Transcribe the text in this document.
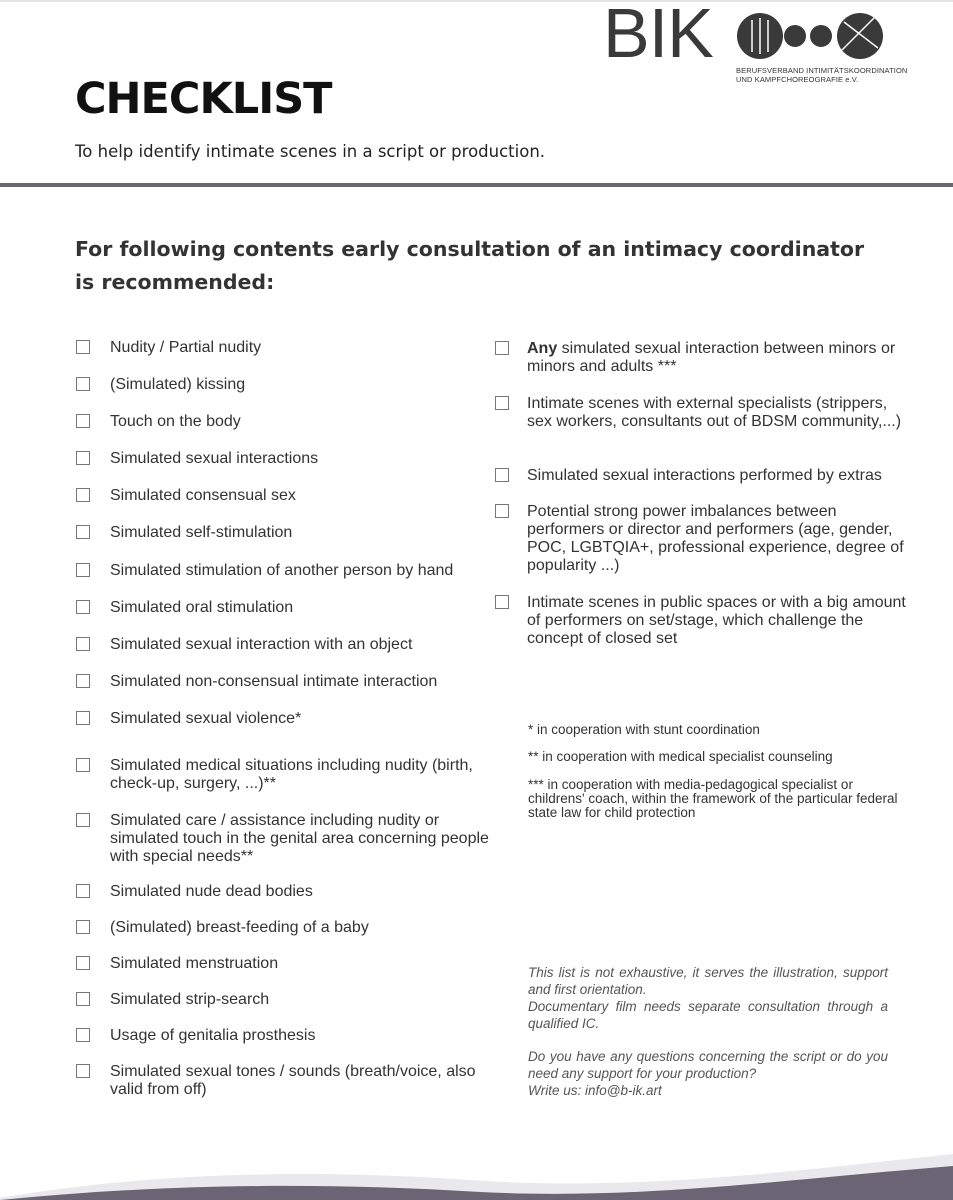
BIK	BERUFSVERBAND INTIMITÄTSKOORDINATION
UND KAMPFCHOREOGRAFIE e.V.
CHECKLIST

To help identify intimate scenes in a script or production.

For following contents early consultation of an intimacy coordinator is recommended:
Nudity / Partial nudity
(Simulated) kissing
Touch on the body
Simulated sexual interactions
Simulated consensual sex
Simulated self-stimulation
Simulated stimulation of another person by hand
Simulated oral stimulation
Simulated sexual interaction with an object
Simulated non-consensual intimate interaction
Simulated sexual violence*
Simulated medical situations including nudity (birth, check-up, surgery, ...)**
Simulated care / assistance including nudity or simulated touch in the genital area concerning people with special needs**
Simulated nude dead bodies
(Simulated) breast-feeding of a baby
Simulated menstruation
Simulated strip-search
Usage of genitalia prosthesis
Simulated sexual tones / sounds (breath/voice, also valid from off)
Any simulated sexual interaction between minors or minors and adults ***
Intimate scenes with external specialists (strippers, sex workers, consultants out of BDSM community,...)
Simulated sexual interactions performed by extras
Potential strong power imbalances between performers or director and performers (age, gender, POC, LGBTQIA+, professional experience, degree of popularity ...)
Intimate scenes in public spaces or with a big amount of performers on set/stage, which challenge the concept of closed set

* in cooperation with stunt coordination

** in cooperation with medical specialist counseling

*** in cooperation with media-pedagogical specialist or childrens' coach, within the framework of the particular federal state law for child protection

This list is not exhaustive, it serves the illustration, support and first orientation.

Documentary film needs separate consultation through a qualified IC.

Do you have any questions concerning the script or do you need any support for your production?

Write us: info@b-ik.art
